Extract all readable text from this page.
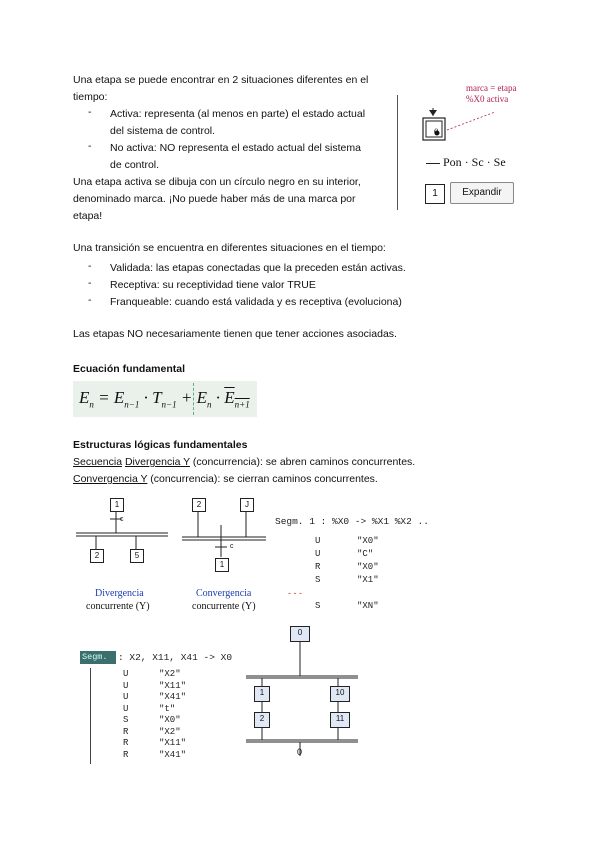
Una etapa se puede encontrar en 2 situaciones diferentes en el
tiempo:
- Activa: representa (al menos en parte) el estado actual
del sistema de control.
- No activa: NO representa el estado actual del sistema
de control.
Una etapa activa se dibuja con un círculo negro en su interior,
denominado marca. ¡No puede haber más de una marca por
etapa!
marca = etapa
%X0 activa
0
Pon · Sc · Se
1	Expandir
Una transición se encuentra en diferentes situaciones en el tiempo:
- Validada: las etapas conectadas que la preceden están activas.
- Receptiva: su receptividad tiene valor TRUE
- Franqueable: cuando está validada y es receptiva (evoluciona)
Las etapas NO necesariamente tienen que tener acciones asociadas.
Ecuación fundamental
$E_n = E_{n-1} \cdot T_{n-1} + E_n \cdot E_{n+1}$
Estructuras lógicas fundamentales
Secuencia Divergencia Y (concurrencia): se abren caminos concurrentes.
Convergencia Y (concurrencia): se cierran caminos concurrentes.
1
c
2	5
Divergencia
concurrente (Y)
2	J
c
1
Convergencia
concurrente (Y)
Segm. 1 : %X0 -> %X1 %X2 ..
U	"X0"
U	"C"
R	"X0"
S	"X1"
- - -
S	"XN"
Segm. : X2, X11, X41 -> X0
U	"X2"
U	"X11"
U	"X41"
U	"t"
S	"X0"
R	"X2"
R	"X11"
R	"X41"
0
1	10
2	11
0
